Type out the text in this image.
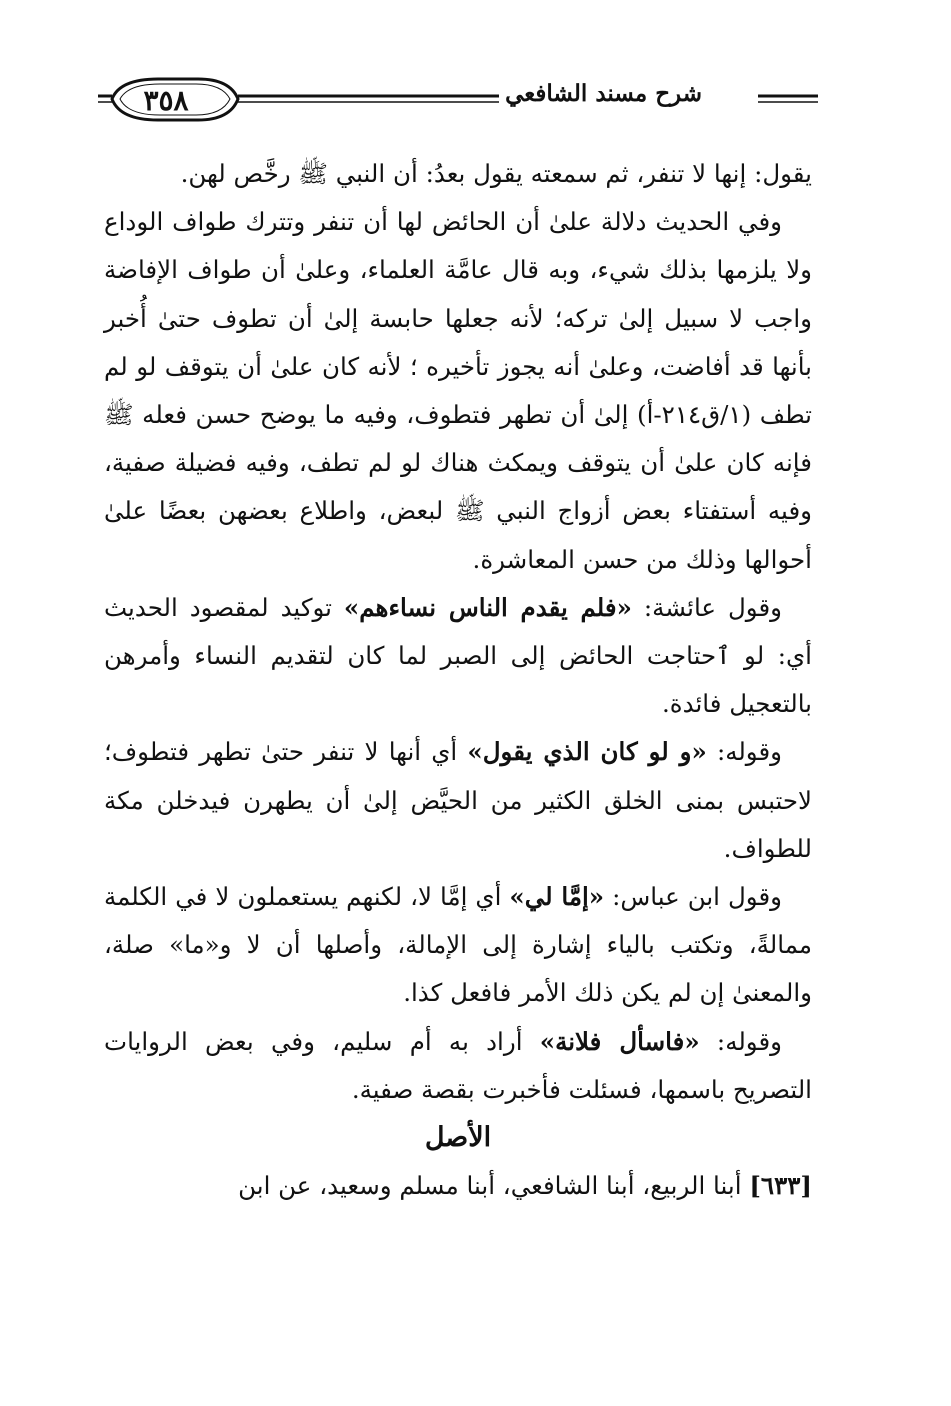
شرح مسند الشافعي
٣٥٨

يقول: إنها لا تنفر، ثم سمعته يقول بعدُ: أن النبي ﷺ رخَّص لهن.

وفي الحديث دلالة علىٰ أن الحائض لها أن تنفر وتترك طواف الوداع ولا يلزمها بذلك شيء، وبه قال عامَّة العلماء، وعلىٰ أن طواف الإفاضة واجب لا سبيل إلىٰ تركه؛ لأنه جعلها حابسة إلىٰ أن تطوف حتىٰ أُخبر بأنها قد أفاضت، وعلىٰ أنه يجوز تأخيره ؛ لأنه كان علىٰ أن يتوقف لو لم تطف (١/ق٢١٤-أ) إلىٰ أن تطهر فتطوف، وفيه ما يوضح حسن فعله ﷺ فإنه كان علىٰ أن يتوقف ويمكث هناك لو لم تطف، وفيه فضيلة صفية، وفيه أستفتاء بعض أزواج النبي ﷺ لبعض، واطلاع بعضهن بعضًا علىٰ أحوالها وذلك من حسن المعاشرة.

وقول عائشة: «فلم يقدم الناس نساءهم» توكيد لمقصود الحديث أي: لو ٱحتاجت الحائض إلى الصبر لما كان لتقديم النساء وأمرهن بالتعجيل فائدة.

وقوله: «و لو كان الذي يقول» أي أنها لا تنفر حتىٰ تطهر فتطوف؛ لاحتبس بمنى الخلق الكثير من الحيَّض إلىٰ أن يطهرن فيدخلن مكة للطواف.

وقول ابن عباس: «إمَّا لي» أي إمَّا لا، لكنهم يستعملون لا في الكلمة ممالةً، وتكتب بالياء إشارة إلى الإمالة، وأصلها أن لا و«ما» صلة، والمعنىٰ إن لم يكن ذلك الأمر فافعل كذا.

وقوله: «فاسأل فلانة» أراد به أم سليم، وفي بعض الروايات التصريح باسمها، فسئلت فأخبرت بقصة صفية.

الأصل

[٦٣٣] أبنا الربيع، أبنا الشافعي، أبنا مسلم وسعيد، عن ابن
